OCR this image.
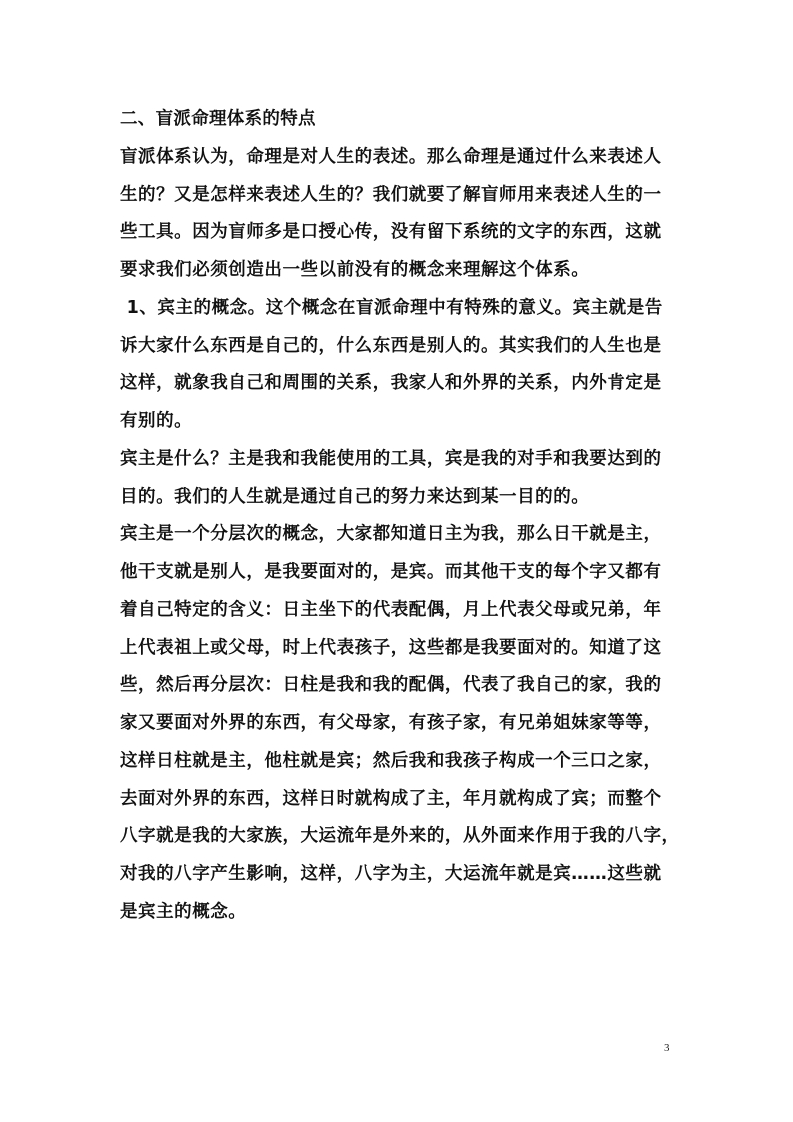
二、盲派命理体系的特点
盲派体系认为，命理是对人生的表述。那么命理是通过什么来表述人
生的？又是怎样来表述人生的？我们就要了解盲师用来表述人生的一
些工具。因为盲师多是口授心传，没有留下系统的文字的东西，这就
要求我们必须创造出一些以前没有的概念来理解这个体系。
1、宾主的概念。这个概念在盲派命理中有特殊的意义。宾主就是告
诉大家什么东西是自己的，什么东西是别人的。其实我们的人生也是
这样，就象我自己和周围的关系，我家人和外界的关系，内外肯定是
有别的。
宾主是什么？主是我和我能使用的工具，宾是我的对手和我要达到的
目的。我们的人生就是通过自己的努力来达到某一目的的。
宾主是一个分层次的概念，大家都知道日主为我，那么日干就是主，
他干支就是别人，是我要面对的，是宾。而其他干支的每个字又都有
着自己特定的含义：日主坐下的代表配偶，月上代表父母或兄弟，年
上代表祖上或父母，时上代表孩子，这些都是我要面对的。知道了这
些，然后再分层次：日柱是我和我的配偶，代表了我自己的家，我的
家又要面对外界的东西，有父母家，有孩子家，有兄弟姐妹家等等，
这样日柱就是主，他柱就是宾；然后我和我孩子构成一个三口之家，
去面对外界的东西，这样日时就构成了主，年月就构成了宾；而整个
八字就是我的大家族，大运流年是外来的，从外面来作用于我的八字，
对我的八字产生影响，这样，八字为主，大运流年就是宾……这些就
是宾主的概念。
3
